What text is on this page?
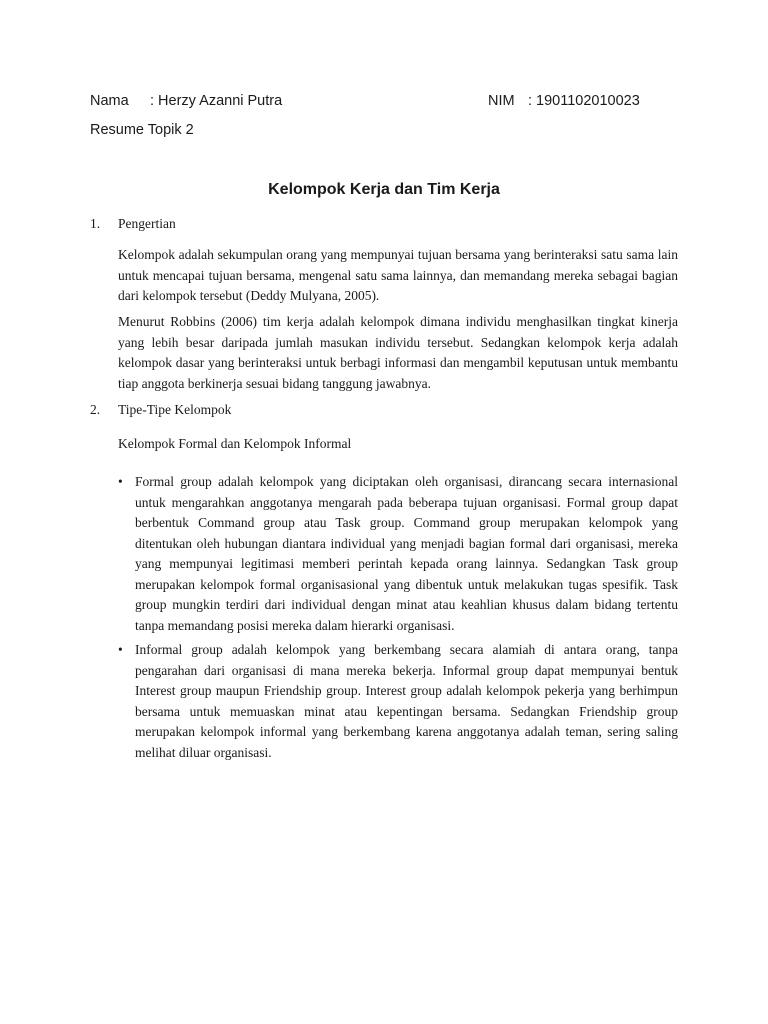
Nama : Herzy Azanni Putra	NIM : 1901102010023
Resume Topik 2
Kelompok Kerja dan Tim Kerja
1. Pengertian

Kelompok adalah sekumpulan orang yang mempunyai tujuan bersama yang berinteraksi satu sama lain untuk mencapai tujuan bersama, mengenal satu sama lainnya, dan memandang mereka sebagai bagian dari kelompok tersebut (Deddy Mulyana, 2005).

Menurut Robbins (2006) tim kerja adalah kelompok dimana individu menghasilkan tingkat kinerja yang lebih besar daripada jumlah masukan individu tersebut. Sedangkan kelompok kerja adalah kelompok dasar yang berinteraksi untuk berbagi informasi dan mengambil keputusan untuk membantu tiap anggota berkinerja sesuai bidang tanggung jawabnya.

2. Tipe-Tipe Kelompok
Kelompok Formal dan Kelompok Informal
• Formal group adalah kelompok yang diciptakan oleh organisasi, dirancang secara internasional untuk mengarahkan anggotanya mengarah pada beberapa tujuan organisasi. Formal group dapat berbentuk Command group atau Task group. Command group merupakan kelompok yang ditentukan oleh hubungan diantara individual yang menjadi bagian formal dari organisasi, mereka yang mempunyai legitimasi memberi perintah kepada orang lainnya. Sedangkan Task group merupakan kelompok formal organisasional yang dibentuk untuk melakukan tugas spesifik. Task group mungkin terdiri dari individual dengan minat atau keahlian khusus dalam bidang tertentu tanpa memandang posisi mereka dalam hierarki organisasi.
• Informal group adalah kelompok yang berkembang secara alamiah di antara orang, tanpa pengarahan dari organisasi di mana mereka bekerja. Informal group dapat mempunyai bentuk Interest group maupun Friendship group. Interest group adalah kelompok pekerja yang berhimpun bersama untuk memuaskan minat atau kepentingan bersama. Sedangkan Friendship group merupakan kelompok informal yang berkembang karena anggotanya adalah teman, sering saling melihat diluar organisasi.
